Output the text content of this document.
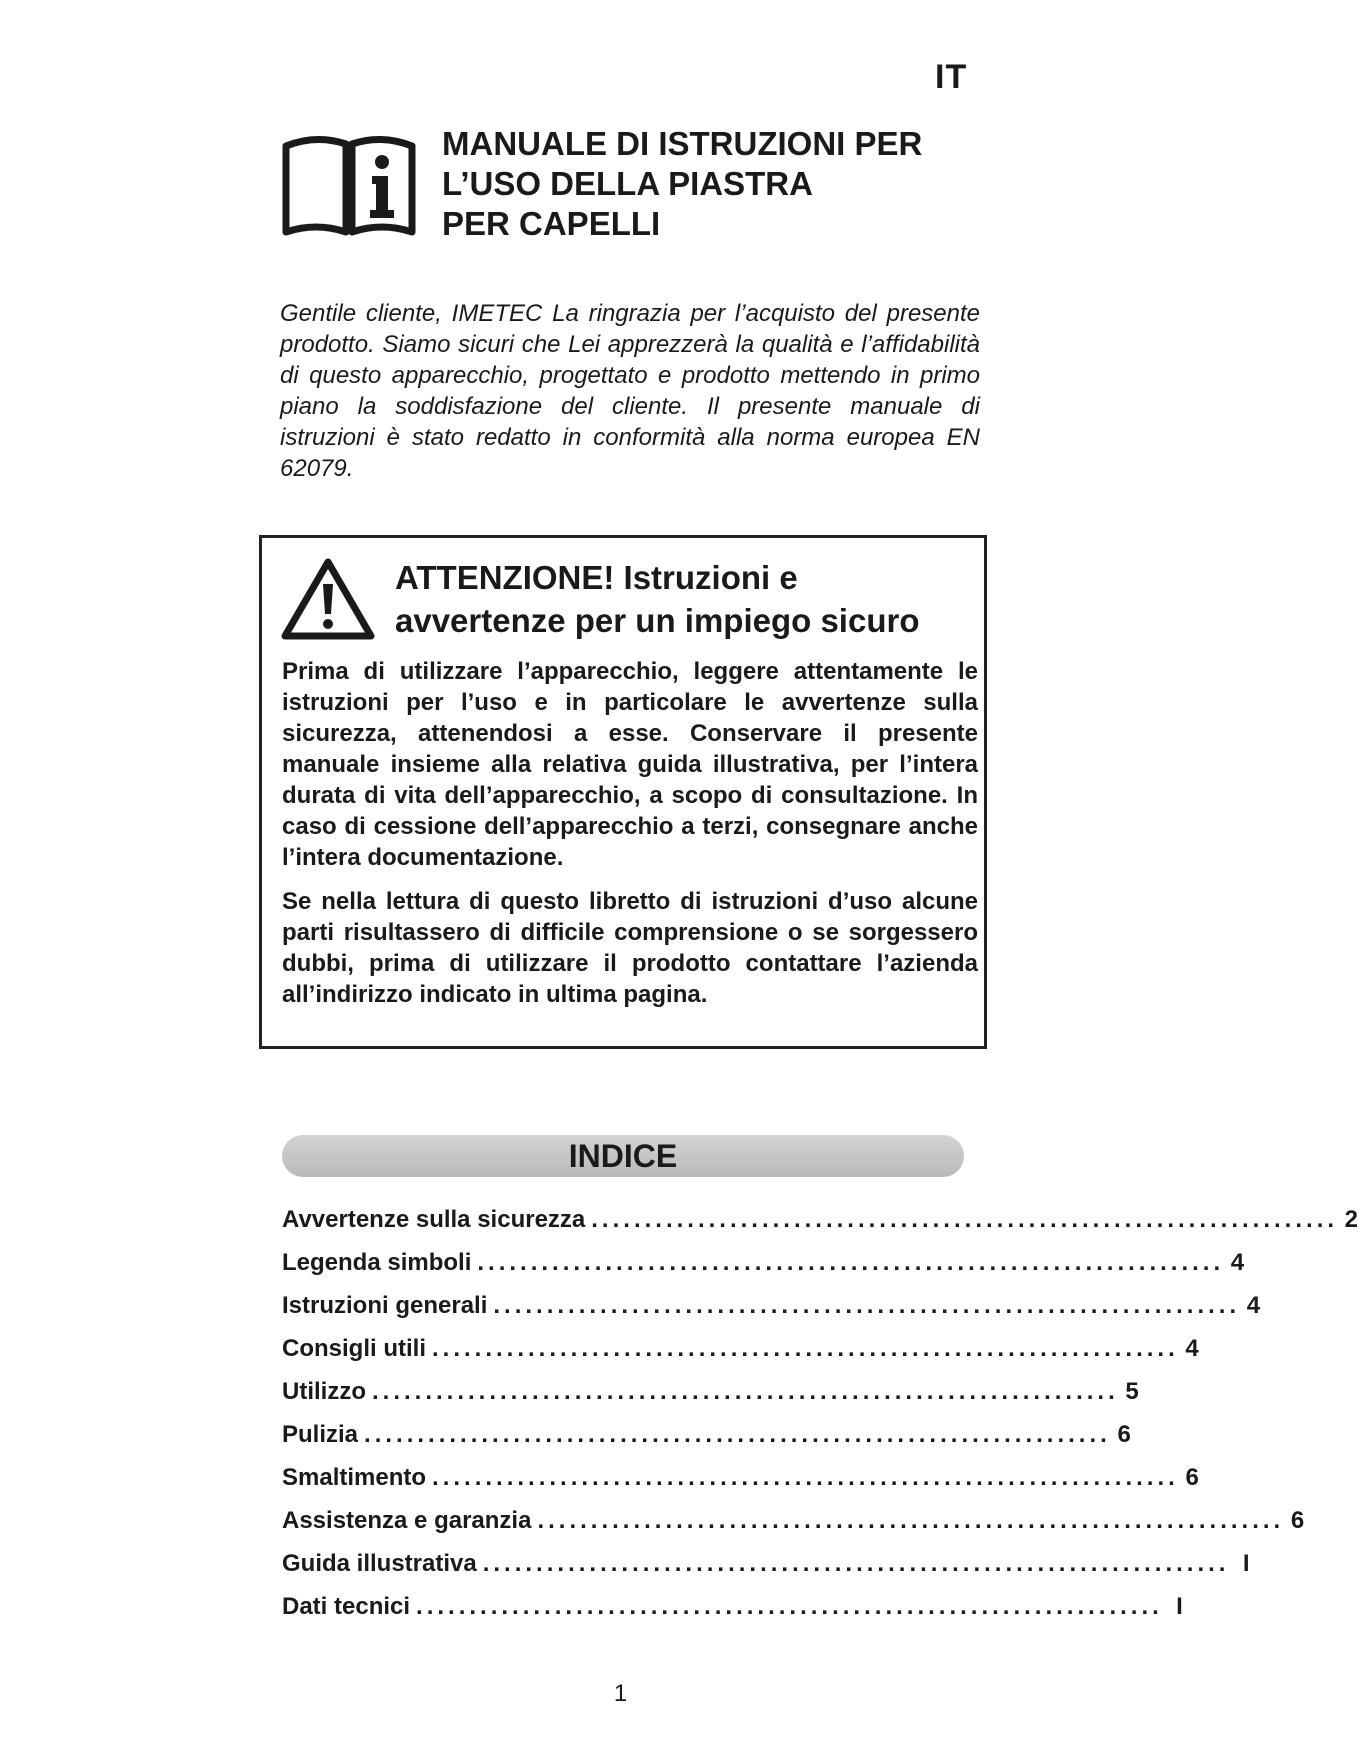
IT
MANUALE DI ISTRUZIONI PER
L’USO DELLA PIASTRA
PER CAPELLI

Gentile cliente, IMETEC La ringrazia per l’acquisto del presente prodotto. Siamo sicuri che Lei apprezzerà la qualità e l’affidabilità di questo apparecchio, progettato e prodotto mettendo in primo piano la soddisfazione del cliente. Il presente manuale di istruzioni è stato redatto in conformità alla norma europea EN 62079.

ATTENZIONE! Istruzioni e
avvertenze per un impiego sicuro

Prima di utilizzare l’apparecchio, leggere attentamente le istruzioni per l’uso e in particolare le avvertenze sulla sicurezza, attenendosi a esse. Conservare il presente manuale insieme alla relativa guida illustrativa, per l’intera durata di vita dell’apparecchio, a scopo di consultazione. In caso di cessione dell’apparecchio a terzi, consegnare anche l’intera documentazione.

Se nella lettura di questo libretto di istruzioni d’uso alcune parti risultassero di difficile comprensione o se sorgessero dubbi, prima di utilizzare il prodotto contattare l’azienda all’indirizzo indicato in ultima pagina.

INDICE
Avvertenze sulla sicurezza ...................................................................... 2
Legenda simboli ...................................................................... 4
Istruzioni generali ...................................................................... 4
Consigli utili ...................................................................... 4
Utilizzo ...................................................................... 5
Pulizia ...................................................................... 6
Smaltimento ...................................................................... 6
Assistenza e garanzia ...................................................................... 6
Guida illustrativa ...................................................................... I
Dati tecnici ...................................................................... I
1
